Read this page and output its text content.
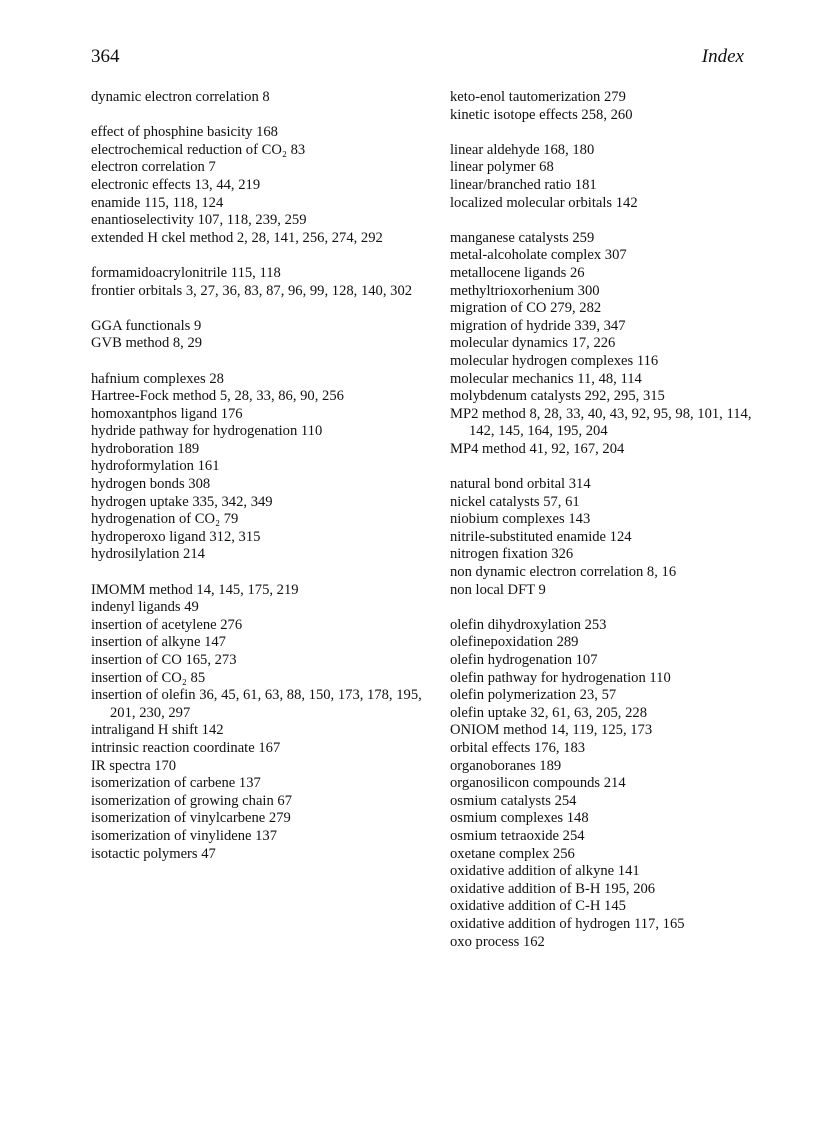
364	Index
dynamic electron correlation 8
effect of phosphine basicity 168
electrochemical reduction of CO₂ 83
electron correlation 7
electronic effects 13, 44, 219
enamide 115, 118, 124
enantioselectivity 107, 118, 239, 259
extended H ckel method 2, 28, 141, 256, 274, 292
formamidoacrylonitrile 115, 118
frontier orbitals 3, 27, 36, 83, 87, 96, 99, 128, 140, 302
GGA functionals 9
GVB method 8, 29
hafnium complexes 28
Hartree-Fock method 5, 28, 33, 86, 90, 256
homoxantphos ligand 176
hydride pathway for hydrogenation 110
hydroboration 189
hydroformylation 161
hydrogen bonds 308
hydrogen uptake 335, 342, 349
hydrogenation of CO₂ 79
hydroperoxo ligand 312, 315
hydrosilylation 214
IMOMM method 14, 145, 175, 219
indenyl ligands 49
insertion of acetylene 276
insertion of alkyne 147
insertion of CO 165, 273
insertion of CO₂ 85
insertion of olefin 36, 45, 61, 63, 88, 150, 173, 178, 195, 201, 230, 297
intraligand H shift 142
intrinsic reaction coordinate 167
IR spectra 170
isomerization of carbene 137
isomerization of growing chain 67
isomerization of vinylcarbene 279
isomerization of vinylidene 137
isotactic polymers 47
keto-enol tautomerization 279
kinetic isotope effects 258, 260
linear aldehyde 168, 180
linear polymer 68
linear/branched ratio 181
localized molecular orbitals 142
manganese catalysts 259
metal-alcoholate complex 307
metallocene ligands 26
methyltrioxorhenium 300
migration of CO 279, 282
migration of hydride 339, 347
molecular dynamics 17, 226
molecular hydrogen complexes 116
molecular mechanics 11, 48, 114
molybdenum catalysts 292, 295, 315
MP2 method 8, 28, 33, 40, 43, 92, 95, 98, 101, 114, 142, 145, 164, 195, 204
MP4 method 41, 92, 167, 204
natural bond orbital 314
nickel catalysts 57, 61
niobium complexes 143
nitrile-substituted enamide 124
nitrogen fixation 326
non dynamic electron correlation 8, 16
non local DFT 9
olefin dihydroxylation 253
olefinepoxidation 289
olefin hydrogenation 107
olefin pathway for hydrogenation 110
olefin polymerization 23, 57
olefin uptake 32, 61, 63, 205, 228
ONIOM method 14, 119, 125, 173
orbital effects 176, 183
organoboranes 189
organosilicon compounds 214
osmium catalysts 254
osmium complexes 148
osmium tetraoxide 254
oxetane complex 256
oxidative addition of alkyne 141
oxidative addition of B-H 195, 206
oxidative addition of C-H 145
oxidative addition of hydrogen 117, 165
oxo process 162
